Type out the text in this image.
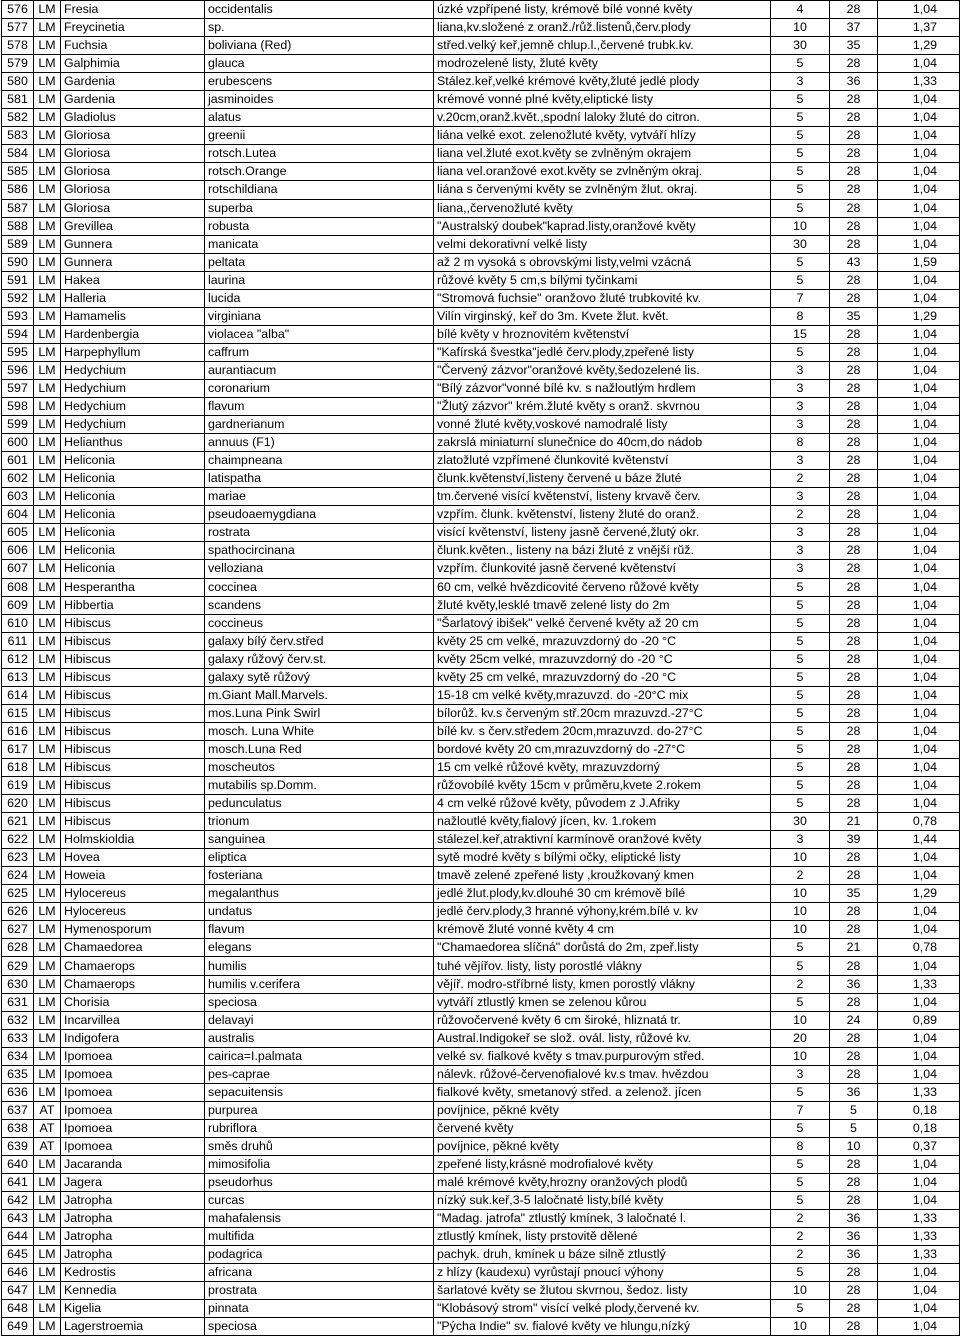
576	LM	Fresia	occidentalis	úzké vzpřípené listy, krémově bílé vonné květy	4	28	1,04
577	LM	Freycinetia	sp.	liana,kv.složené z oranž./růž.listenů,červ.plody	10	37	1,37
578	LM	Fuchsia	boliviana (Red)	střed.velký keř,jemně chlup.l.,červené trubk.kv.	30	35	1,29
579	LM	Galphimia	glauca	modrozelené listy, žluté květy	5	28	1,04
580	LM	Gardenia	erubescens	Stález.keř,velké krémové květy,žluté jedlé plody	3	36	1,33
581	LM	Gardenia	jasminoides	krémové vonné plné květy,eliptické listy	5	28	1,04
582	LM	Gladiolus	alatus	v.20cm,oranž.květ.,spodní laloky žluté do citron.	5	28	1,04
583	LM	Gloriosa	greenii	liána velké exot. zelenožluté květy, vytváří hlízy	5	28	1,04
584	LM	Gloriosa	rotsch.Lutea	liana vel.žluté exot.květy se zvlněným okrajem	5	28	1,04
585	LM	Gloriosa	rotsch.Orange	liana vel.oranžové exot.květy se zvlněným okraj.	5	28	1,04
586	LM	Gloriosa	rotschildiana	liána s červenými květy se zvlněným žlut. okraj.	5	28	1,04
587	LM	Gloriosa	superba	liana,,červenožluté květy	5	28	1,04
588	LM	Grevillea	robusta	"Australský doubek"kaprad.listy,oranžové květy	10	28	1,04
589	LM	Gunnera	manicata	velmi dekorativní velké listy	30	28	1,04
590	LM	Gunnera	peltata	až 2 m vysoká s obrovskými listy,velmi vzácná	5	43	1,59
591	LM	Hakea	laurina	růžové květy 5 cm,s bílými tyčinkami	5	28	1,04
592	LM	Halleria	lucida	"Stromová fuchsie" oranžovo žluté trubkovité kv.	7	28	1,04
593	LM	Hamamelis	virginiana	Vilín virginský, keř do 3m. Kvete žlut. květ.	8	35	1,29
594	LM	Hardenbergia	violacea "alba"	bílé květy v hroznovitém květenství	15	28	1,04
595	LM	Harpephyllum	caffrum	"Kafírská švestka"jedlé červ.plody,zpeřené listy	5	28	1,04
596	LM	Hedychium	aurantiacum	"Červený zázvor"oranžové květy,šedozelené lis.	3	28	1,04
597	LM	Hedychium	coronarium	"Bílý zázvor"vonné bílé kv. s nažloutlým hrdlem	3	28	1,04
598	LM	Hedychium	flavum	"Žlutý zázvor" krém.žluté květy s oranž. skvrnou	3	28	1,04
599	LM	Hedychium	gardnerianum	vonné žluté květy,voskové namodralé listy	3	28	1,04
600	LM	Helianthus	annuus (F1)	zakrslá miniaturní slunečnice do 40cm,do nádob	8	28	1,04
601	LM	Heliconia	chaimpneana	zlatožluté vzpřímené člunkovité květenství	3	28	1,04
602	LM	Heliconia	latispatha	člunk.květenství,listeny červené u báze žluté	2	28	1,04
603	LM	Heliconia	mariae	tm.červené visící květenství, listeny krvavě červ.	3	28	1,04
604	LM	Heliconia	pseudoaemygdiana	vzpřím. člunk. květenství, listeny žluté do oranž.	2	28	1,04
605	LM	Heliconia	rostrata	visící květenství, listeny jasně červené,žlutý okr.	3	28	1,04
606	LM	Heliconia	spathocircinana	člunk.květen., listeny na bázi žluté z vnější rŭž.	3	28	1,04
607	LM	Heliconia	velloziana	vzpřím. člunkovité jasně červené květenství	3	28	1,04
608	LM	Hesperantha	coccinea	60 cm, velké hvězdicovité červeno růžové květy	5	28	1,04
609	LM	Hibbertia	scandens	žluté květy,lesklé tmavě zelené listy do 2m	5	28	1,04
610	LM	Hibiscus	coccineus	"Šarlatový ibišek" velké červené květy až 20 cm	5	28	1,04
611	LM	Hibiscus	galaxy bílý červ.střed	květy 25 cm velké, mrazuvzdorný do -20 °C	5	28	1,04
612	LM	Hibiscus	galaxy růžový červ.st.	květy 25cm velké, mrazuvzdorný do -20 °C	5	28	1,04
613	LM	Hibiscus	galaxy sytě růžový	květy 25 cm velké, mrazuvzdorný do -20 °C	5	28	1,04
614	LM	Hibiscus	m.Giant Mall.Marvels.	15-18 cm velké květy,mrazuvzd. do -20°C mix	5	28	1,04
615	LM	Hibiscus	mos.Luna Pink Swirl	bílorůž. kv.s červeným stř.20cm mrazuvzd.-27°C	5	28	1,04
616	LM	Hibiscus	mosch. Luna White	bílé kv. s červ.středem 20cm,mrazuvzd. do-27°C	5	28	1,04
617	LM	Hibiscus	mosch.Luna Red	bordové květy 20 cm,mrazuvzdorný do -27°C	5	28	1,04
618	LM	Hibiscus	moscheutos	15 cm velké růžové květy, mrazuvzdorný	5	28	1,04
619	LM	Hibiscus	mutabilis sp.Domm.	růžovobílé květy 15cm v průměru,kvete 2.rokem	5	28	1,04
620	LM	Hibiscus	pedunculatus	4 cm velké růžové květy, původem z J.Afriky	5	28	1,04
621	LM	Hibiscus	trionum	nažloutlé květy,fialový jícen, kv. 1.rokem	30	21	0,78
622	LM	Holmskioldia	sanguinea	stálezel.keř,atraktivní karmínově oranžové květy	3	39	1,44
623	LM	Hovea	eliptica	sytě modré květy s bílými očky, eliptické listy	10	28	1,04
624	LM	Howeia	fosteriana	tmavě zelené zpeřené listy ,kroužkovaný kmen	2	28	1,04
625	LM	Hylocereus	megalanthus	jedlé žlut.plody,kv.dlouhé 30 cm krémově bílé	10	35	1,29
626	LM	Hylocereus	undatus	jedlé červ.plody,3 hranné výhony,krém.bílé v. kv	10	28	1,04
627	LM	Hymenosporum	flavum	krémově žluté vonné květy 4 cm	10	28	1,04
628	LM	Chamaedorea	elegans	"Chamaedorea slíčná" dorůstá do 2m, zpeř.listy	5	21	0,78
629	LM	Chamaerops	humilis	tuhé vějířov. listy, listy porostlé vlákny	5	28	1,04
630	LM	Chamaerops	humilis v.cerifera	vějíř. modro-stříbrné listy, kmen porostlý vlákny	2	36	1,33
631	LM	Chorisia	speciosa	vytváří ztlustlý kmen se zelenou kůrou	5	28	1,04
632	LM	Incarvillea	delavayi	růžovočervené květy 6 cm široké, hliznatá tr.	10	24	0,89
633	LM	Indigofera	australis	Austral.Indigokeř se slož. ovál. listy, růžové kv.	20	28	1,04
634	LM	Ipomoea	cairica=I.palmata	velké sv. fialkové květy s tmav.purpurovým střed.	10	28	1,04
635	LM	Ipomoea	pes-caprae	nálevk. růžové-červenofialové kv.s tmav. hvězdou	3	28	1,04
636	LM	Ipomoea	sepacuitensis	fialkové květy, smetanový střed. a zelenož. jícen	5	36	1,33
637	AT	Ipomoea	purpurea	povíjnice, pěkné květy	7	5	0,18
638	AT	Ipomoea	rubriflora	červené květy	5	5	0,18
639	AT	Ipomoea	směs druhů	povíjnice, pěkné květy	8	10	0,37
640	LM	Jacaranda	mimosifolia	zpeřené listy,krásné modrofialové květy	5	28	1,04
641	LM	Jagera	pseudorhus	malé krémové květy,hrozny oranžových plodů	5	28	1,04
642	LM	Jatropha	curcas	nízký suk.keř,3-5 laločnaté listy,bílé květy	5	28	1,04
643	LM	Jatropha	mahafalensis	"Madag. jatrofa" ztlustlý kmínek, 3 laločnaté l.	2	36	1,33
644	LM	Jatropha	multifida	ztlustlý kmínek, listy prstovitě dělené	2	36	1,33
645	LM	Jatropha	podagrica	pachyk. druh, kmínek u báze silně ztlustlý	2	36	1,33
646	LM	Kedrostis	africana	z hlízy (kaudexu) vyrůstají pnoucí výhony	5	28	1,04
647	LM	Kennedia	prostrata	šarlatové květy se žlutou skvrnou, šedoz. listy	10	28	1,04
648	LM	Kigelia	pinnata	"Klobásový strom" visící velké plody,červené kv.	5	28	1,04
649	LM	Lagerstroemia	speciosa	"Pýcha Indie" sv. fialové květy ve hlungu,nízký	10	28	1,04
